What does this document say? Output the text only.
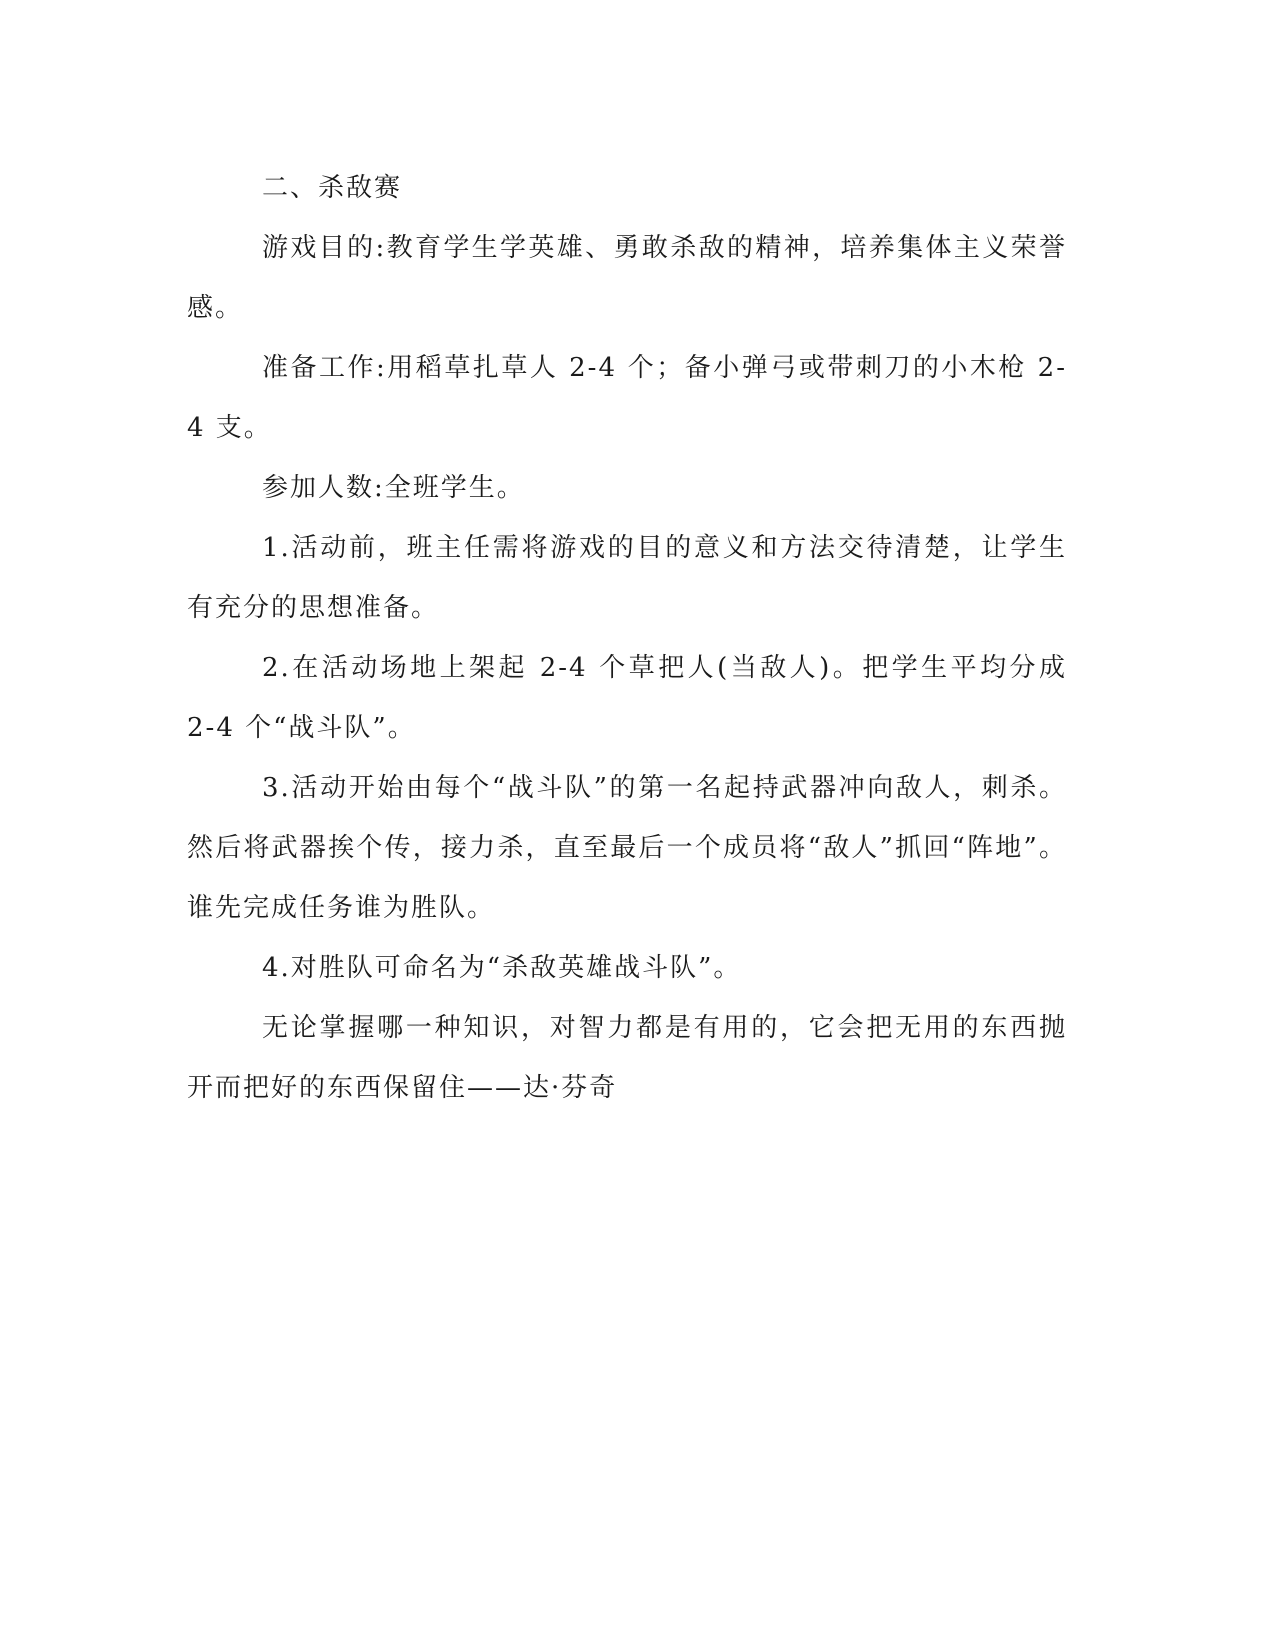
二、杀敌赛

游戏目的:教育学生学英雄、勇敢杀敌的精神，培养集体主义荣誉感。

准备工作:用稻草扎草人 2-4 个；备小弹弓或带刺刀的小木枪 2-4 支。

参加人数:全班学生。

1.活动前，班主任需将游戏的目的意义和方法交待清楚，让学生有充分的思想准备。

2.在活动场地上架起 2-4 个草把人(当敌人)。把学生平均分成 2-4 个“战斗队”。

3.活动开始由每个“战斗队”的第一名起持武器冲向敌人，刺杀。然后将武器挨个传，接力杀，直至最后一个成员将“敌人”抓回“阵地”。谁先完成任务谁为胜队。

4.对胜队可命名为“杀敌英雄战斗队”。

无论掌握哪一种知识，对智力都是有用的，它会把无用的东西抛开而把好的东西保留住——达·芬奇
